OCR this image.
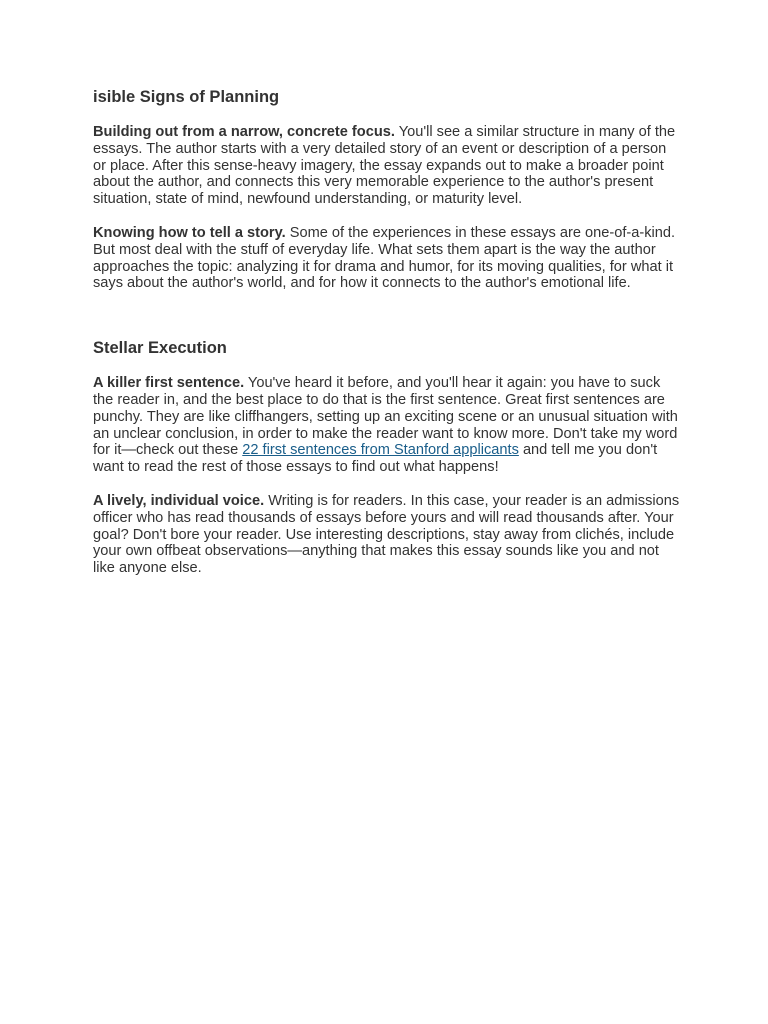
isible Signs of Planning

Building out from a narrow, concrete focus. You'll see a similar structure in many of the essays. The author starts with a very detailed story of an event or description of a person or place. After this sense-heavy imagery, the essay expands out to make a broader point about the author, and connects this very memorable experience to the author's present situation, state of mind, newfound understanding, or maturity level.

Knowing how to tell a story. Some of the experiences in these essays are one-of-a-kind. But most deal with the stuff of everyday life. What sets them apart is the way the author approaches the topic: analyzing it for drama and humor, for its moving qualities, for what it says about the author's world, and for how it connects to the author's emotional life.

Stellar Execution

A killer first sentence. You've heard it before, and you'll hear it again: you have to suck the reader in, and the best place to do that is the first sentence. Great first sentences are punchy. They are like cliffhangers, setting up an exciting scene or an unusual situation with an unclear conclusion, in order to make the reader want to know more. Don't take my word for it—check out these 22 first sentences from Stanford applicants and tell me you don't want to read the rest of those essays to find out what happens!

A lively, individual voice. Writing is for readers. In this case, your reader is an admissions officer who has read thousands of essays before yours and will read thousands after. Your goal? Don't bore your reader. Use interesting descriptions, stay away from clichés, include your own offbeat observations—anything that makes this essay sounds like you and not like anyone else.
